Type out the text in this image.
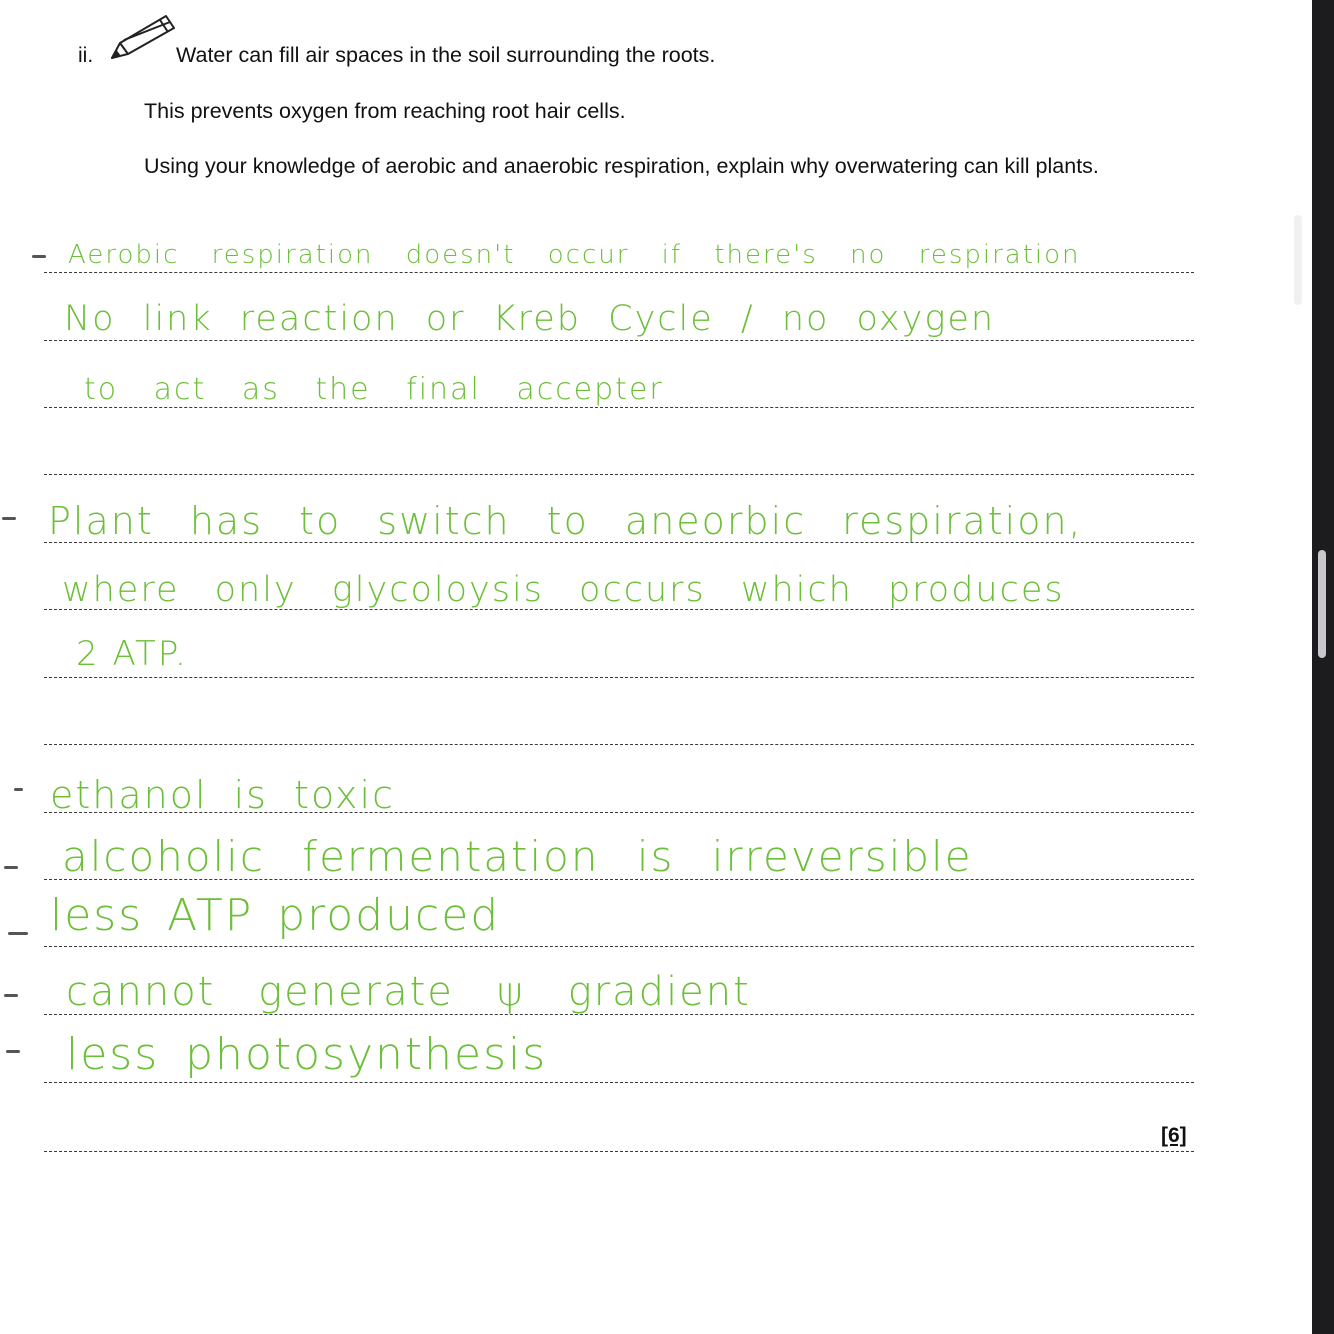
ii.	Water can fill air spaces in the soil surrounding the roots.
This prevents oxygen from reaching root hair cells.
Using your knowledge of aerobic and anaerobic respiration, explain why overwatering can kill plants.
[6]
Aerobic respiration doesn't occur if there's no respiration
No link reaction or Kreb Cycle / no oxygen
to act as the final accepter
Plant has to switch to aneorbic respiration,
where only glycoloysis occurs which produces
2 ATP.
ethanol is toxic
alcoholic fermentation is irreversible
less ATP produced
cannot generate ψ gradient
less photosynthesis
